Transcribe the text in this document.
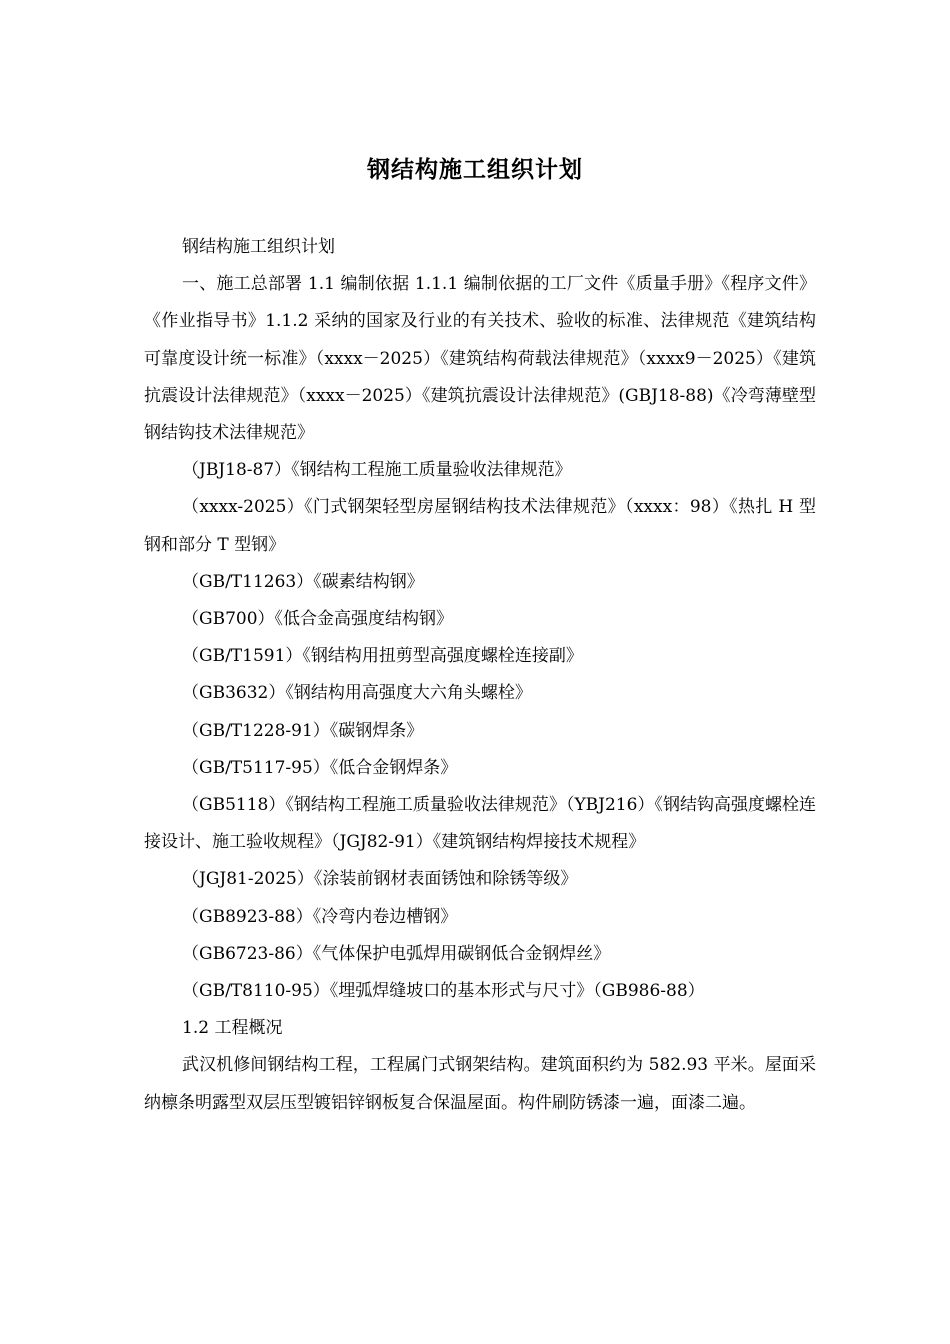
钢结构施工组织计划

钢结构施工组织计划

一、施工总部署 1.1 编制依据 1.1.1 编制依据的工厂文件《质量手册》《程序文件》《作业指导书》1.1.2 采纳的国家及行业的有关技术、验收的标准、法律规范《建筑结构可靠度设计统一标准》（xxxx－2025）《建筑结构荷载法律规范》（xxxx9－2025）《建筑抗震设计法律规范》（xxxx－2025）《建筑抗震设计法律规范》(GBJ18-88)《冷弯薄壁型钢结钩技术法律规范》

（JBJ18-87）《钢结构工程施工质量验收法律规范》

（xxxx-2025）《门式钢架轻型房屋钢结构技术法律规范》（xxxx：98）《热扎 H 型钢和部分 T 型钢》

（GB/T11263）《碳素结构钢》

（GB700）《低合金高强度结构钢》

（GB/T1591）《钢结构用扭剪型高强度螺栓连接副》

（GB3632）《钢结构用高强度大六角头螺栓》

（GB/T1228-91）《碳钢焊条》

（GB/T5117-95）《低合金钢焊条》

（GB5118）《钢结构工程施工质量验收法律规范》（YBJ216）《钢结钩高强度螺栓连接设计、施工验收规程》（JGJ82-91）《建筑钢结构焊接技术规程》

（JGJ81-2025）《涂装前钢材表面锈蚀和除锈等级》

（GB8923-88）《冷弯内卷边槽钢》

（GB6723-86）《气体保护电弧焊用碳钢低合金钢焊丝》

（GB/T8110-95）《埋弧焊缝坡口的基本形式与尺寸》（GB986-88）

1.2 工程概况

武汉机修间钢结构工程，工程属门式钢架结构。建筑面积约为 582.93 平米。屋面采纳檩条明露型双层压型镀铝锌钢板复合保温屋面。构件刷防锈漆一遍，面漆二遍。
